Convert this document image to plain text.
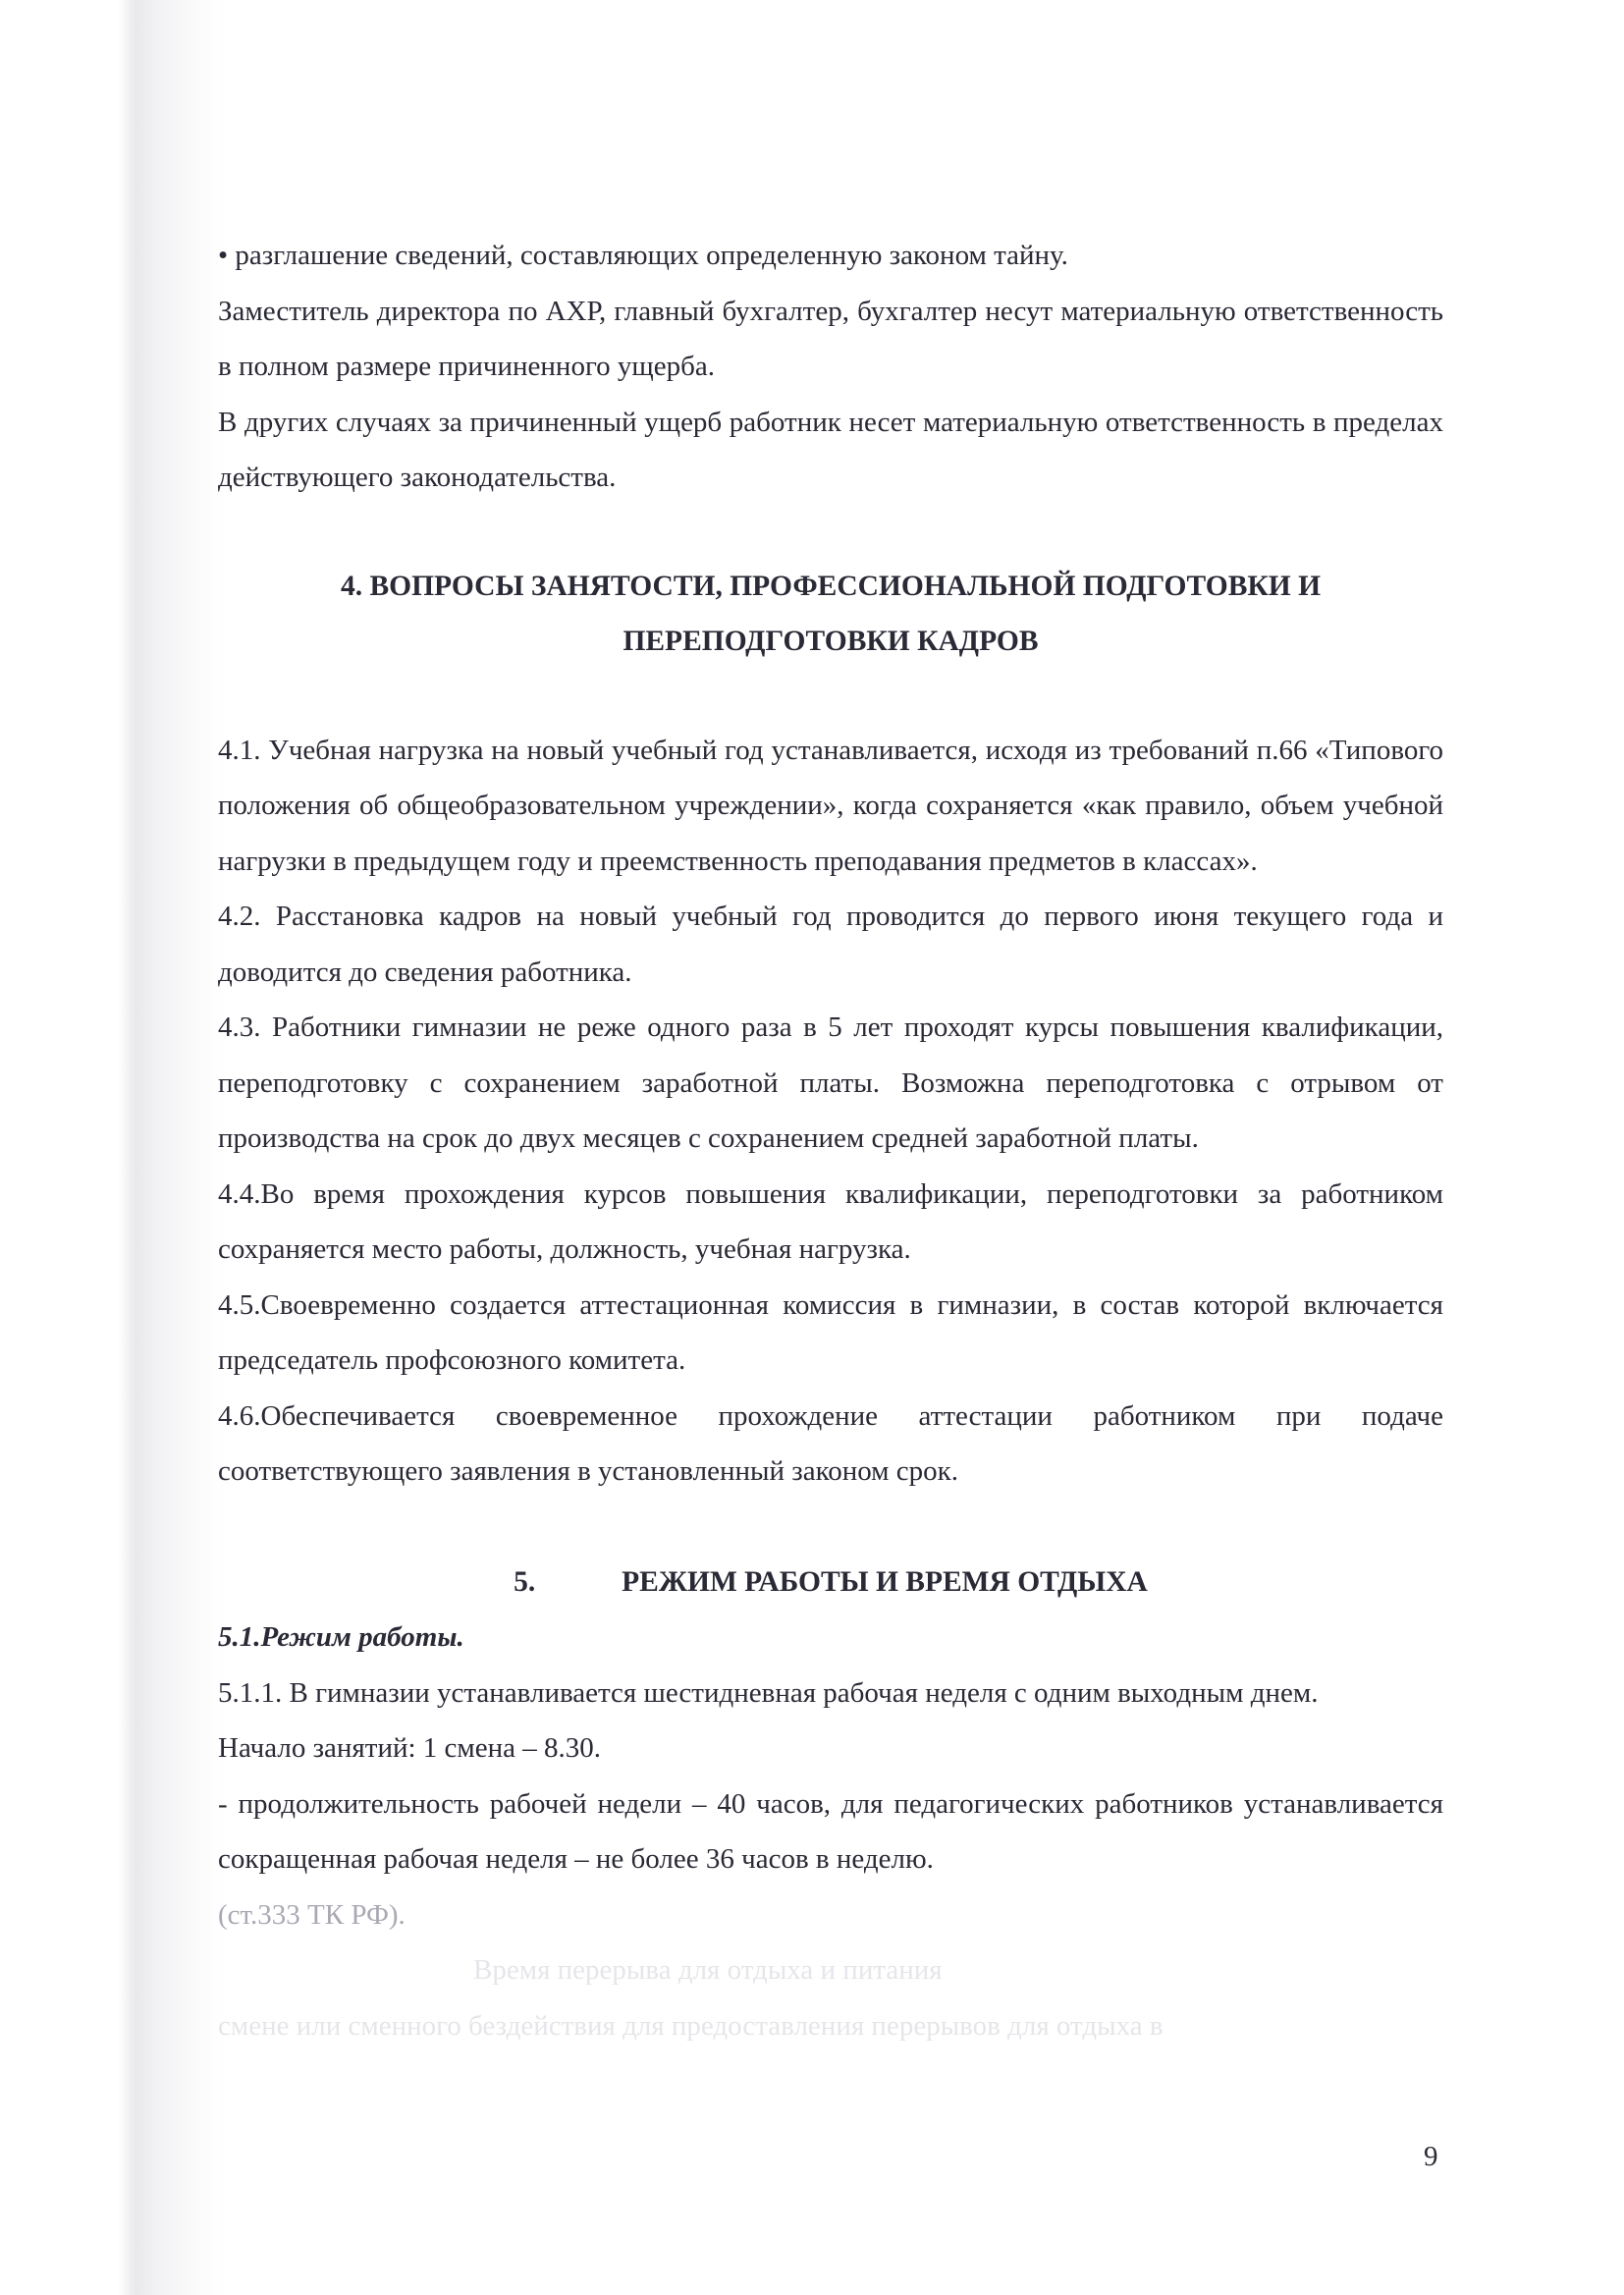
• разглашение сведений, составляющих определенную законом тайну.

Заместитель директора по АХР, главный бухгалтер, бухгалтер несут материальную ответственность в полном размере причиненного ущерба.

В других случаях за причиненный ущерб работник несет материальную ответственность в пределах действующего законодательства.

4. ВОПРОСЫ ЗАНЯТОСТИ, ПРОФЕССИОНАЛЬНОЙ ПОДГОТОВКИ И
ПЕРЕПОДГОТОВКИ КАДРОВ

4.1. Учебная нагрузка на новый учебный год устанавливается, исходя из требований п.66 «Типового положения об общеобразовательном учреждении», когда сохраняется «как правило, объем учебной нагрузки в предыдущем году и преемственность преподавания предметов в классах».

4.2. Расстановка кадров на новый учебный год проводится до первого июня текущего года и доводится до сведения работника.

4.3. Работники гимназии не реже одного раза в 5 лет проходят курсы повышения квалификации, переподготовку с сохранением заработной платы. Возможна переподготовка с отрывом от производства на срок до двух месяцев с сохранением средней заработной платы.

4.4.Во время прохождения курсов повышения квалификации, переподготовки за работником сохраняется место работы, должность, учебная нагрузка.

4.5.Своевременно создается аттестационная комиссия в гимназии, в состав которой включается председатель профсоюзного комитета.

4.6.Обеспечивается своевременное прохождение аттестации работником при подаче соответствующего заявления в установленный законом срок.

5.	РЕЖИМ РАБОТЫ И ВРЕМЯ ОТДЫХА

5.1.Режим работы.

5.1.1. В гимназии устанавливается шестидневная рабочая неделя с одним выходным днем.

Начало занятий: 1 смена – 8.30.

- продолжительность рабочей недели – 40 часов, для педагогических работников устанавливается сокращенная рабочая неделя – не более 36 часов в неделю.

(ст.333 ТК РФ).

Время перерыва для отдыха и питания
смене или сменного бездействия для предоставления перерывов для отдыха в
9
